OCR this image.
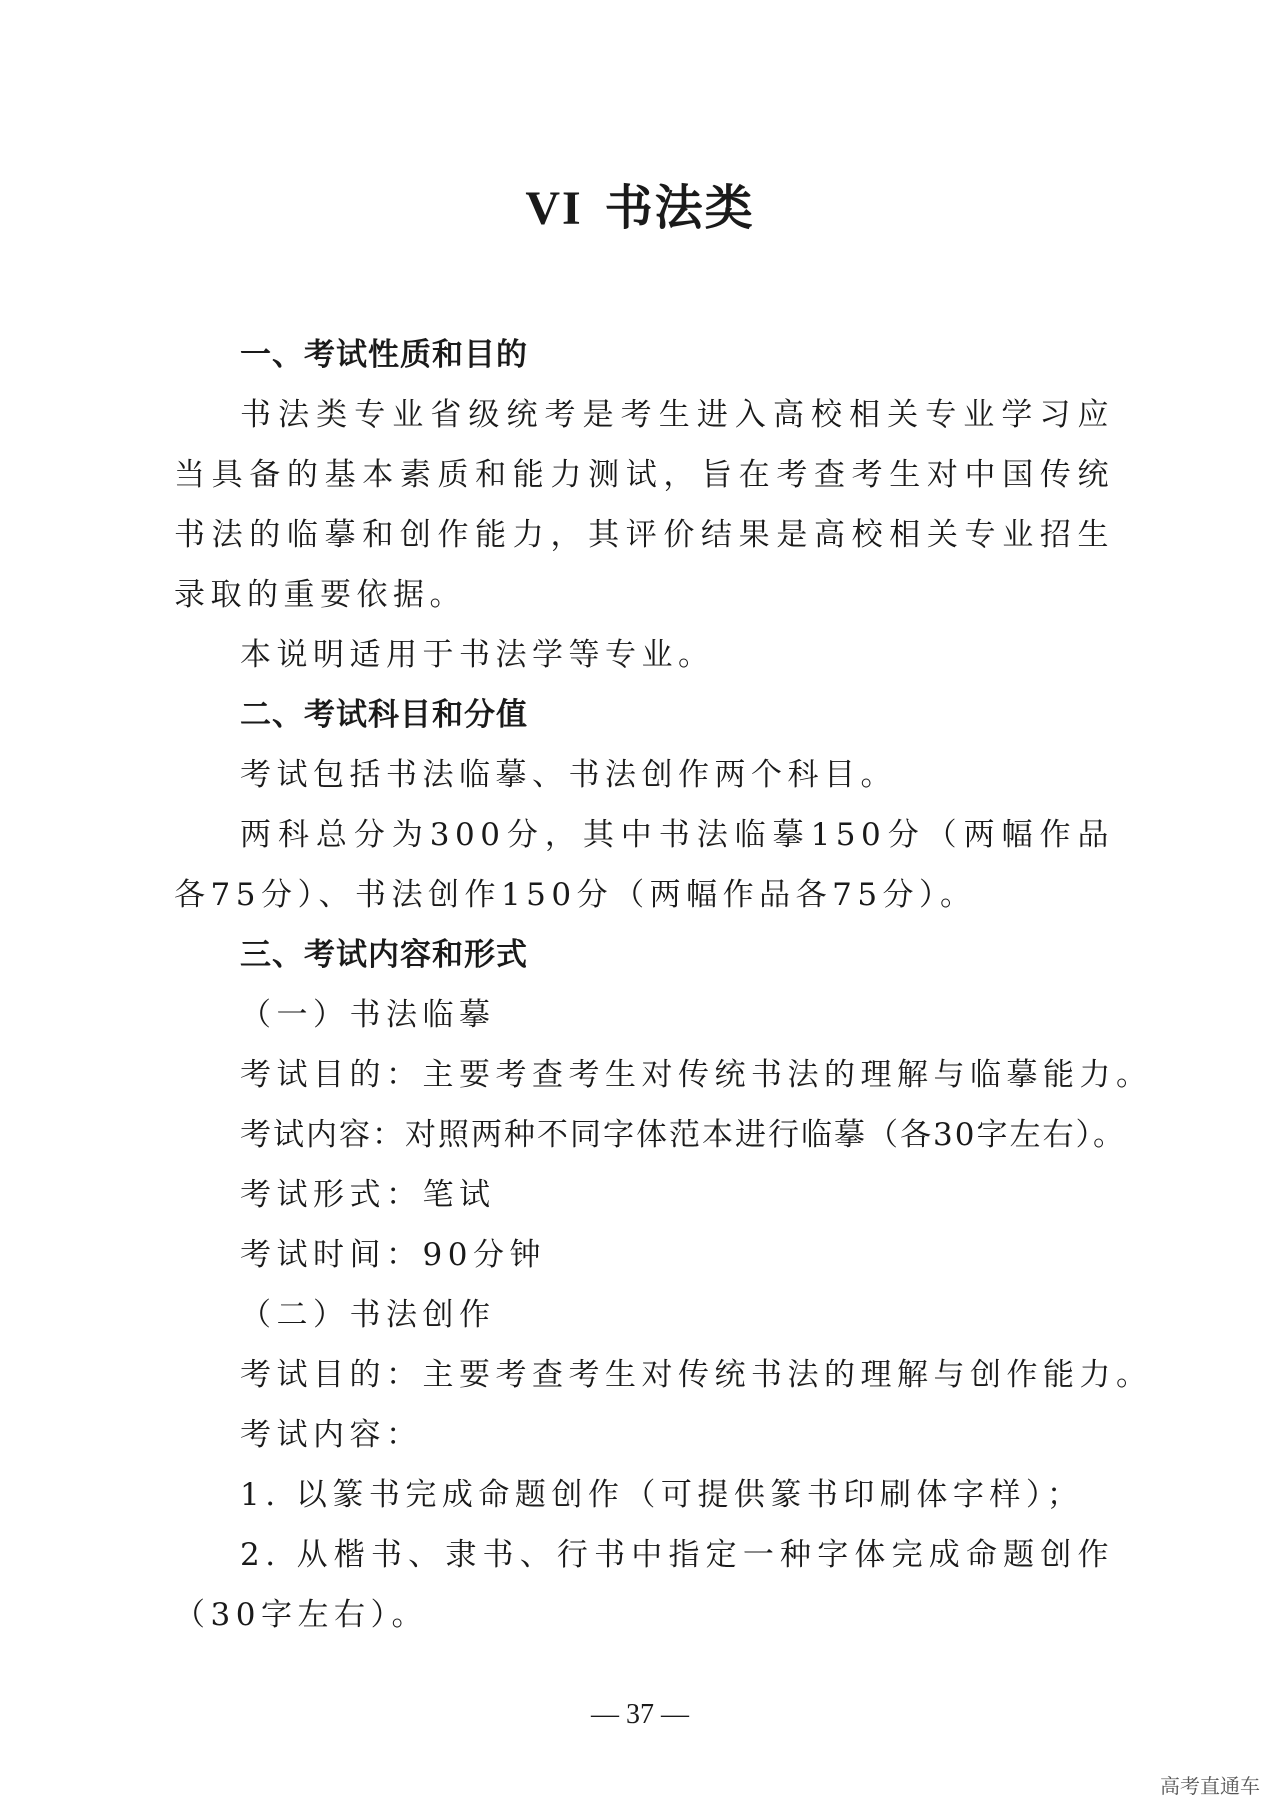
VI 书法类
一、考试性质和目的

书法类专业省级统考是考生进入高校相关专业学习应当具备的基本素质和能力测试，旨在考查考生对中国传统书法的临摹和创作能力，其评价结果是高校相关专业招生录取的重要依据。

本说明适用于书法学等专业。
二、考试科目和分值
考试包括书法临摹、书法创作两个科目。

两科总分为300分，其中书法临摹150分（两幅作品各75分）、书法创作150分（两幅作品各75分）。

三、考试内容和形式
（一）书法临摹
考试目的：主要考查考生对传统书法的理解与临摹能力。
考试内容：对照两种不同字体范本进行临摹（各30字左右）。
考试形式：笔试
考试时间：90分钟
（二）书法创作
考试目的：主要考查考生对传统书法的理解与创作能力。
考试内容：
1. 以篆书完成命题创作（可提供篆书印刷体字样）；

2. 从楷书、隶书、行书中指定一种字体完成命题创作（30字左右）。

— 37 —
高考直通车
